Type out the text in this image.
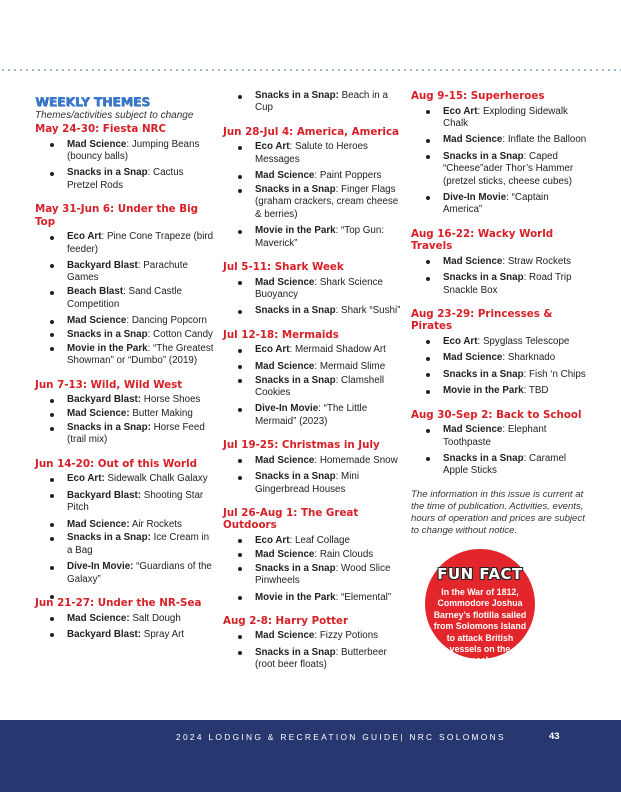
WEEKLY THEMES
Themes/activities subject to change
May 24-30: Fiesta NRC
Mad Science: Jumping Beans (bouncy balls)
Snacks in a Snap: Cactus Pretzel Rods
May 31-Jun 6: Under the Big Top
Eco Art: Pine Cone Trapeze (bird feeder)
Backyard Blast: Parachute Games
Beach Blast: Sand Castle Competition
Mad Science: Dancing Popcorn
Snacks in a Snap: Cotton Candy
Movie in the Park: “The Greatest Showman” or “Dumbo” (2019)
Jun 7-13: Wild, Wild West
Backyard Blast: Horse Shoes
Mad Science: Butter Making
Snacks in a Snap: Horse Feed (trail mix)
Jun 14-20: Out of this World
Eco Art: Sidewalk Chalk Galaxy
Backyard Blast: Shooting Star Pitch
Mad Science: Air Rockets
Snacks in a Snap: Ice Cream in a Bag
Dive-In Movie: “Guardians of the Galaxy”
Jun 21-27: Under the NR-Sea
Mad Science: Salt Dough
Backyard Blast: Spray Art
Snacks in a Snap: Beach in a Cup
Jun 28-Jul 4: America, America
Eco Art: Salute to Heroes Messages
Mad Science: Paint Poppers
Snacks in a Snap: Finger Flags (graham crackers, cream cheese & berries)
Movie in the Park: “Top Gun: Maverick”
Jul 5-11: Shark Week
Mad Science: Shark Science Buoyancy
Snacks in a Snap: Shark “Sushi”
Jul 12-18: Mermaids
Eco Art: Mermaid Shadow Art
Mad Science: Mermaid Slime
Snacks in a Snap: Clamshell Cookies
Dive-In Movie: “The Little Mermaid” (2023)
Jul 19-25: Christmas in July
Mad Science: Homemade Snow
Snacks in a Snap: Mini Gingerbread Houses
Jul 26-Aug 1: The Great Outdoors
Eco Art: Leaf Collage
Mad Science: Rain Clouds
Snacks in a Snap: Wood Slice Pinwheels
Movie in the Park: “Elemental”
Aug 2-8: Harry Potter
Mad Science: Fizzy Potions
Snacks in a Snap: Butterbeer (root beer floats)
Aug 9-15: Superheroes
Eco Art: Exploding Sidewalk Chalk
Mad Science: Inflate the Balloon
Snacks in a Snap: Caped “Cheese”ader Thor’s Hammer (pretzel sticks, cheese cubes)
Dive-In Movie: “Captain America”
Aug 16-22: Wacky World Travels
Mad Science: Straw Rockets
Snacks in a Snap: Road Trip Snackle Box
Aug 23-29: Princesses & Pirates
Eco Art: Spyglass Telescope
Mad Science: Sharknado
Snacks in a Snap: Fish ‘n Chips
Movie in the Park: TBD
Aug 30-Sep 2: Back to School
Mad Science: Elephant Toothpaste
Snacks in a Snap: Caramel Apple Sticks
The information in this issue is current at the time of publication. Activities, events, hours of operation and prices are subject to change without notice.
FUN FACT
In the War of 1812, Commodore Joshua Barney’s flotilla sailed from Solomons Island to attack British vessels on the Chesapeake Bay.
2024 LODGING & RECREATION GUIDE| NRC SOLOMONS	43
